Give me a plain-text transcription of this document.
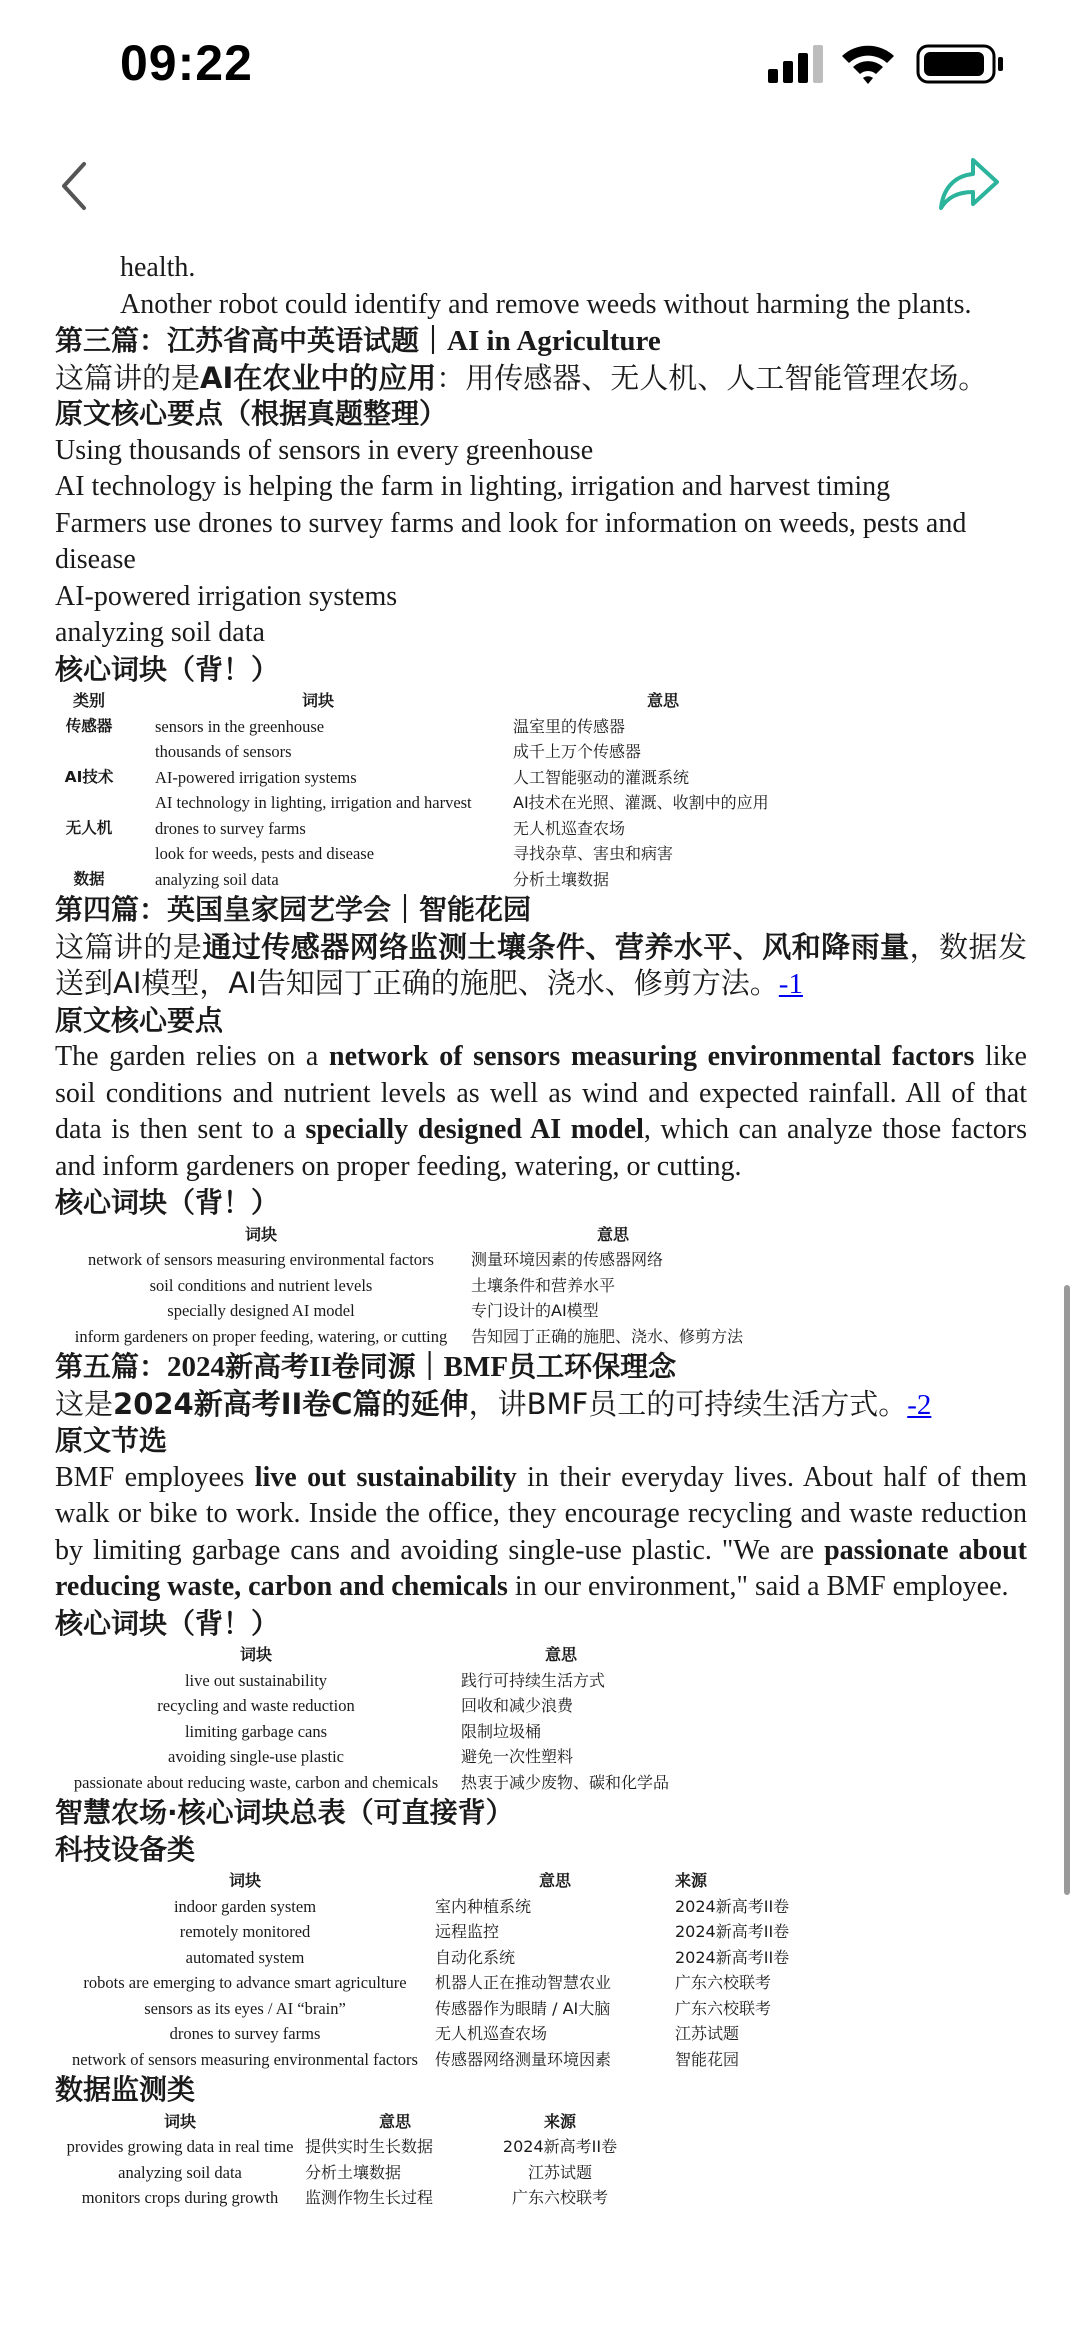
09:22

health.

Another robot could identify and remove weeds without harming the plants.

第三篇：江苏省高中英语试题｜AI in Agriculture

这篇讲的是AI在农业中的应用：用传感器、无人机、人工智能管理农场。

原文核心要点（根据真题整理）

Using thousands of sensors in every greenhouse

AI technology is helping the farm in lighting, irrigation and harvest timing

Farmers use drones to survey farms and look for information on weeds, pests and disease

AI-powered irrigation systems

analyzing soil data

核心词块（背！）
类别	词块	意思
传感器	sensors in the greenhouse	温室里的传感器
	thousands of sensors	成千上万个传感器
AI技术	AI-powered irrigation systems	人工智能驱动的灌溉系统
	AI technology in lighting, irrigation and harvest	AI技术在光照、灌溉、收割中的应用
无人机	drones to survey farms	无人机巡查农场
	look for weeds, pests and disease	寻找杂草、害虫和病害
数据	analyzing soil data	分析土壤数据
第四篇：英国皇家园艺学会｜智能花园

这篇讲的是通过传感器网络监测土壤条件、营养水平、风和降雨量，数据发送到AI模型，AI告知园丁正确的施肥、浇水、修剪方法。-1

原文核心要点

The garden relies on a network of sensors measuring environmental factors like soil conditions and nutrient levels as well as wind and expected rainfall. All of that data is then sent to a specially designed AI model, which can analyze those factors and inform gardeners on proper feeding, watering, or cutting.

核心词块（背！）
词块	意思
network of sensors measuring environmental factors	测量环境因素的传感器网络
soil conditions and nutrient levels	土壤条件和营养水平
specially designed AI model	专门设计的AI模型
inform gardeners on proper feeding, watering, or cutting	告知园丁正确的施肥、浇水、修剪方法
第五篇：2024新高考II卷同源｜BMF员工环保理念

这是2024新高考II卷C篇的延伸，讲BMF员工的可持续生活方式。-2

原文节选

BMF employees live out sustainability in their everyday lives. About half of them walk or bike to work. Inside the office, they encourage recycling and waste reduction by limiting garbage cans and avoiding single-use plastic. "We are passionate about reducing waste, carbon and chemicals in our environment," said a BMF employee.

核心词块（背！）
词块	意思
live out sustainability	践行可持续生活方式
recycling and waste reduction	回收和减少浪费
limiting garbage cans	限制垃圾桶
avoiding single-use plastic	避免一次性塑料
passionate about reducing waste, carbon and chemicals	热衷于减少废物、碳和化学品
智慧农场·核心词块总表（可直接背）
科技设备类
词块	意思	来源
indoor garden system	室内种植系统	2024新高考II卷
remotely monitored	远程监控	2024新高考II卷
automated system	自动化系统	2024新高考II卷
robots are emerging to advance smart agriculture	机器人正在推动智慧农业	广东六校联考
sensors as its eyes / AI “brain”	传感器作为眼睛 / AI大脑	广东六校联考
drones to survey farms	无人机巡查农场	江苏试题
network of sensors measuring environmental factors	传感器网络测量环境因素	智能花园
数据监测类
词块	意思	来源
provides growing data in real time	提供实时生长数据	2024新高考II卷
analyzing soil data	分析土壤数据	江苏试题
monitors crops during growth	监测作物生长过程	广东六校联考
